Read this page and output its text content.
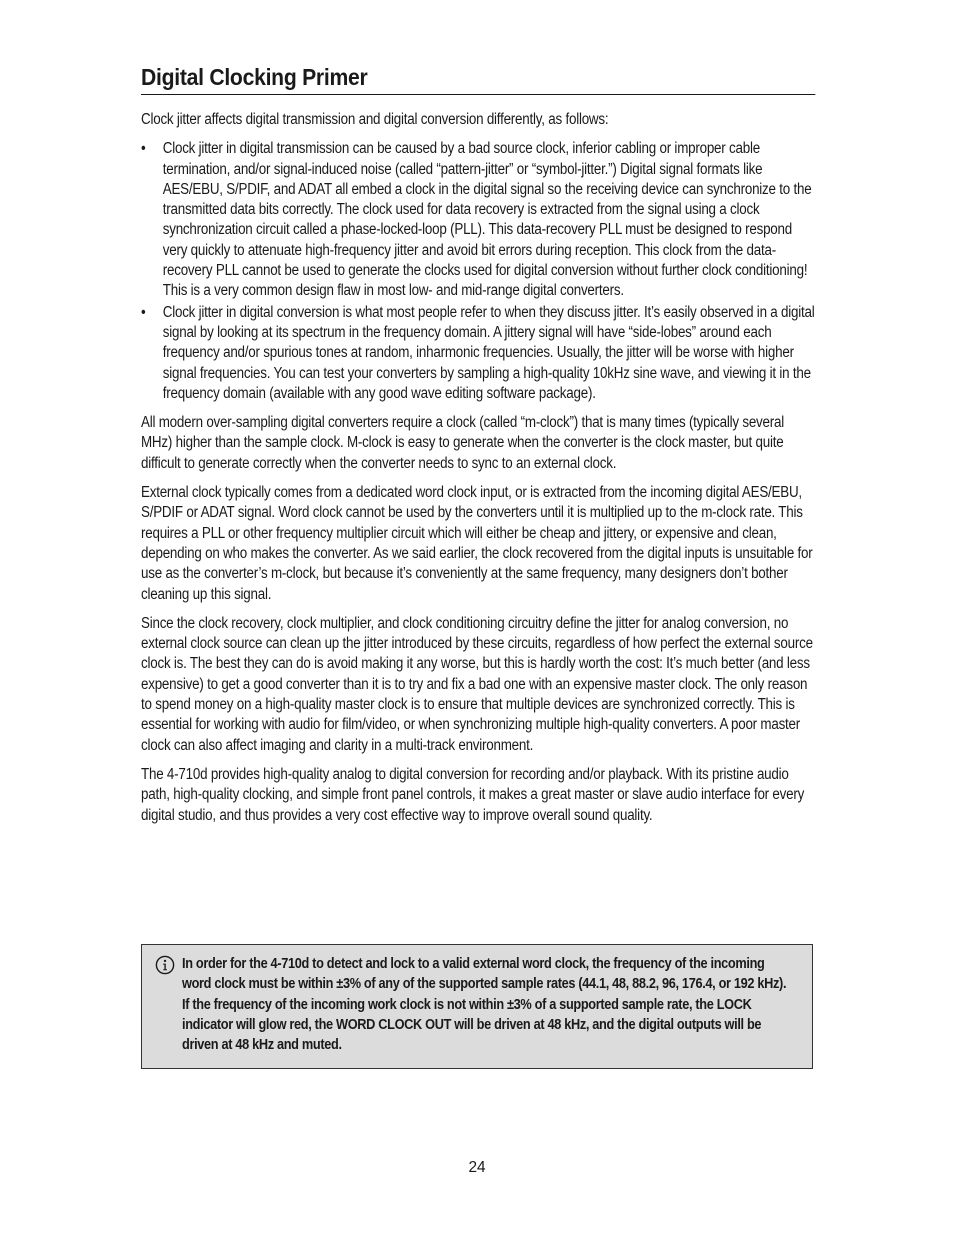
Digital Clocking Primer

Clock jitter affects digital transmission and digital conversion differently, as follows:

• Clock jitter in digital transmission can be caused by a bad source clock, inferior cabling or improper cable termination, and/or signal-induced noise (called “pattern-jitter” or “symbol-jitter.”) Digital signal formats like AES/EBU, S/PDIF, and ADAT all embed a clock in the digital signal so the receiving device can synchronize to the transmitted data bits correctly. The clock used for data recovery is extracted from the signal using a clock synchronization circuit called a phase-locked-loop (PLL). This data-recovery PLL must be designed to respond very quickly to attenuate high-frequency jitter and avoid bit errors during reception. This clock from the data-recovery PLL cannot be used to generate the clocks used for digital conversion without further clock conditioning! This is a very common design flaw in most low- and mid-range digital converters.
• Clock jitter in digital conversion is what most people refer to when they discuss jitter. It’s easily observed in a digital signal by looking at its spectrum in the frequency domain. A jittery signal will have “side-lobes” around each frequency and/or spurious tones at random, inharmonic frequencies. Usually, the jitter will be worse with higher signal frequencies. You can test your converters by sampling a high-quality 10kHz sine wave, and viewing it in the frequency domain (available with any good wave editing software package).

All modern over-sampling digital converters require a clock (called “m-clock”) that is many times (typically several MHz) higher than the sample clock. M-clock is easy to generate when the converter is the clock master, but quite difficult to generate correctly when the converter needs to sync to an external clock.

External clock typically comes from a dedicated word clock input, or is extracted from the incoming digital AES/EBU, S/PDIF or ADAT signal. Word clock cannot be used by the converters until it is multiplied up to the m-clock rate. This requires a PLL or other frequency multiplier circuit which will either be cheap and jittery, or expensive and clean, depending on who makes the converter. As we said earlier, the clock recovered from the digital inputs is unsuitable for use as the converter’s m-clock, but because it’s conveniently at the same frequency, many designers don’t bother cleaning up this signal.

Since the clock recovery, clock multiplier, and clock conditioning circuitry define the jitter for analog conversion, no external clock source can clean up the jitter introduced by these circuits, regardless of how perfect the external source clock is. The best they can do is avoid making it any worse, but this is hardly worth the cost: It’s much better (and less expensive) to get a good converter than it is to try and fix a bad one with an expensive master clock. The only reason to spend money on a high-quality master clock is to ensure that multiple devices are synchronized correctly. This is essential for working with audio for film/video, or when synchronizing multiple high-quality converters. A poor master clock can also affect imaging and clarity in a multi-track environment.

The 4-710d provides high-quality analog to digital conversion for recording and/or playback. With its pristine audio path, high-quality clocking, and simple front panel controls, it makes a great master or slave audio interface for every digital studio, and thus provides a very cost effective way to improve overall sound quality.

In order for the 4-710d to detect and lock to a valid external word clock, the frequency of the incoming word clock must be within ±3% of any of the supported sample rates (44.1, 48, 88.2, 96, 176.4, or 192 kHz). If the frequency of the incoming work clock is not within ±3% of a supported sample rate, the LOCK indicator will glow red, the WORD CLOCK OUT will be driven at 48 kHz, and the digital outputs will be driven at 48 kHz and muted.

24
